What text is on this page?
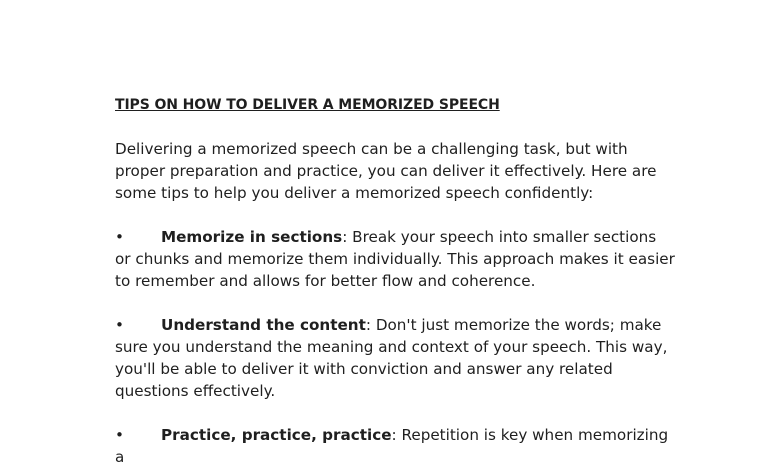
TIPS ON HOW TO DELIVER A MEMORIZED SPEECH

Delivering a memorized speech can be a challenging task, but with proper preparation and practice, you can deliver it effectively. Here are some tips to help you deliver a memorized speech confidently:

• Memorize in sections: Break your speech into smaller sections or chunks and memorize them individually. This approach makes it easier to remember and allows for better flow and coherence.

• Understand the content: Don't just memorize the words; make sure you understand the meaning and context of your speech. This way, you'll be able to deliver it with conviction and answer any related questions effectively.

• Practice, practice, practice: Repetition is key when memorizing a
